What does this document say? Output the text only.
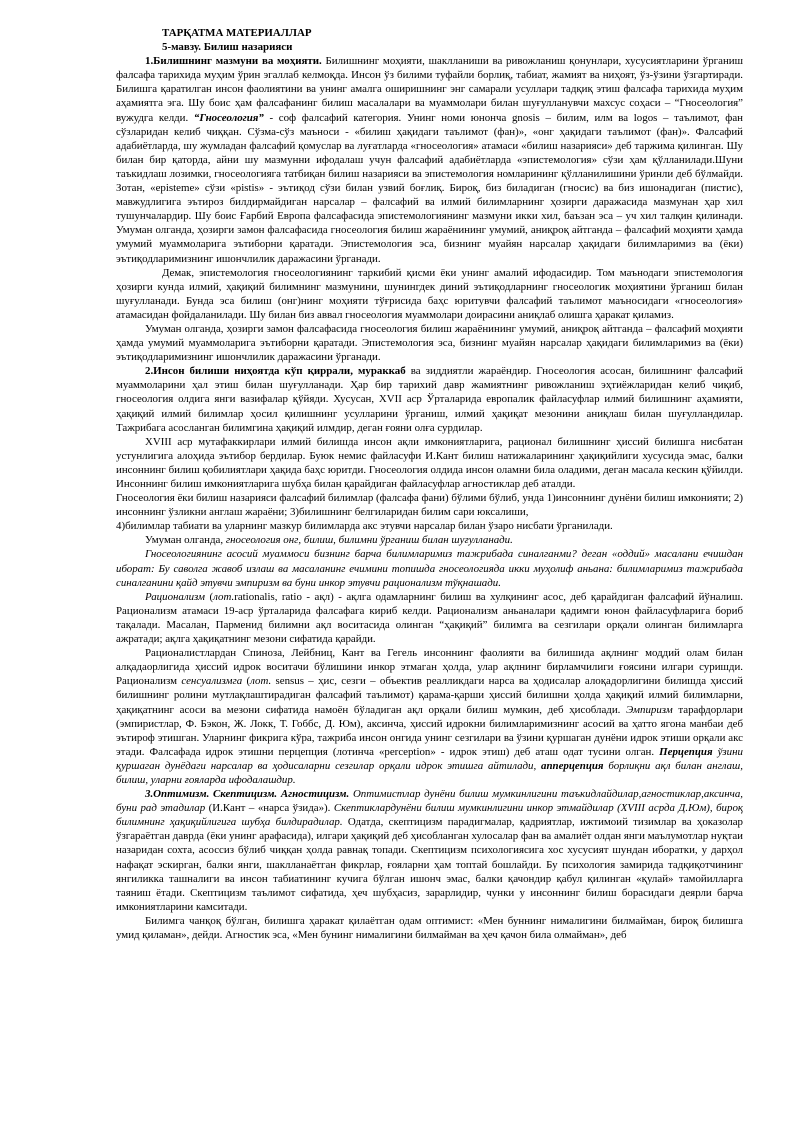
ТАРҚАТМА МАТЕРИАЛЛАР
5-мавзу. Билиш назарияси

1.Билишнинг мазмуни ва моҳияти. Билишнинг моҳияти, шаклланиши ва ривожланиш қонунлари, хусусиятларини ўрганиш фалсафа тарихида муҳим ўрин эгаллаб келмоқда. Инсон ўз билими туфайли борлиқ, табиат, жамият ва ниҳоят, ўз-ўзини ўзгартиради. Билишга қаратилган инсон фаолиятини ва унинг амалга оширишнинг энг самарали усуллари тадқиқ этиш фалсафа тарихида муҳим аҳамиятга эга. Шу боис ҳам фалсафанинг билиш масалалари ва муаммолари билан шуғулланувчи махсус соҳаси – “Гносеология” вужудга келди. “Гносеология” - соф фалсафий категория. Унинг номи юнонча gnosis – билим, илм ва logos – таълимот, фан сўзларидан келиб чиққан. Сўзма-сўз маъноси - «билиш ҳақидаги таълимот (фан)», «онг ҳақидаги таълимот (фан)». Фалсафий адабиётларда, шу жумладан фалсафий қомуслар ва луғатларда «гносеология» атамаси «билиш назарияси» деб таржима қилинган. Шу билан бир қаторда, айни шу мазмунни ифодалаш учун фалсафий адабиётларда «эпистемология» сўзи ҳам қўлланилади.Шуни таъкидлаш лозимки, гносеологияга татбиқан билиш назарияси ва эпистемология номларининг қўлланилишини ўринли деб бўлмайди. Зотан, «episteme» сўзи «pistis» - эътиқод сўзи билан узвий боғлиқ. Бироқ, биз биладиган (гносис) ва биз ишонадиган (пистис), мавжудлигига эътироз билдирмайдиган нарсалар – фалсафий ва илмий билимларнинг ҳозирги даражасида мазмунан ҳар хил тушунчалардир. Шу боис Ғарбий Европа фалсафасида эпистемологиянинг мазмуни икки хил, баъзан эса – уч хил талқин қилинади. Умуман олганда, ҳозирги замон фалсафасида гносеология билиш жараёнининг умумий, аниқроқ айтганда – фалсафий моҳияти ҳамда умумий муаммоларига эътиборни қаратади. Эпистемология эса, бизнинг муайян нарсалар ҳақидаги билимларимиз ва (ёки) эътиқодларимизнинг ишончлилик даражасини ўрганади.

Демак, эпистемология гносеологиянинг таркибий қисми ёки унинг амалий ифодасидир. Том маънодаги эпистемология ҳозирги кунда илмий, ҳақиқий билимнинг мазмунини, шунингдек диний эътиқодларнинг гносеологик моҳиятини ўрганиш билан шуғулланади. Бунда эса билиш (онг)нинг моҳияти тўғрисида баҳс юритувчи фалсафий таълимот маъносидаги «гносеология» атамасидан фойдаланилади. Шу билан биз аввал гносеология муаммолари доирасини аниқлаб олишга ҳаракат қиламиз.

Умуман олганда, ҳозирги замон фалсафасида гносеология билиш жараёнининг умумий, аниқроқ айтганда – фалсафий моҳияти ҳамда умумий муаммоларига эътиборни қаратади. Эпистемология эса, бизнинг муайян нарсалар ҳақидаги билимларимиз ва (ёки) эътиқодларимизнинг ишончлилик даражасини ўрганади.

2.Инсон билиши ниҳоятда кўп қиррали, мураккаб ва зиддиятли жараёндир. Гносеология асосан, билишнинг фалсафий муаммоларини ҳал этиш билан шуғулланади. Ҳар бир тарихий давр жамиятнинг ривожланиш эҳтиёжларидан келиб чиқиб, гносеология олдига янги вазифалар қўйяди. Хусусан, XVII аср Ўрталарида европалик файласуфлар илмий билишнинг аҳамияти, ҳақиқий илмий билимлар ҳосил қилишнинг усулларини ўрганиш, илмий ҳақиқат мезонини аниқлаш билан шуғулландилар. Тажрибага асосланган билимгина ҳақиқий илмдир, деган ғояни олға сурдилар.

XVIII аср мутафаккирлари илмий билишда инсон ақли имкониятларига, рационал билишнинг ҳиссий билишга нисбатан устунлигига алоҳида эътибор бердилар. Буюк немис файласуфи И.Кант билиш натижаларининг ҳақиқийлиги хусусида эмас, балки инсоннинг билиш қобилиятлари ҳақида баҳс юритди. Гносеология олдида инсон оламни била оладими, деган масала кескин қўйилди. Инсоннинг билиш имкониятларига шубҳа билан қарайдиган файласуфлар агностиклар деб аталди.

Гносеология ёки билиш назарияси фалсафий билимлар (фалсафа фани) бўлими бўлиб, унда 1)инсоннинг дунёни билиш имконияти; 2) инсоннинг ўзликни англаш жараёни; 3)билишнинг белгиларидан билим сари юксалиши,

4)билимлар табиати ва уларнинг мазкур билимларда акс этувчи нарсалар билан ўзаро нисбати ўрганилади.

Умуман олганда, гносеология онг, билиш, билимни ўрганиш билан шуғулланади.

Гносеологиянинг асосий муаммоси бизнинг барча билимларимиз тажрибада синалганми? деган «оддий» масалани ечишдан иборат: Бу саволга жавоб излаш ва масаланинг ечимини топишда гносеологияда икки муҳолиф аньана: билимларимиз тажрибада синалганини қайд этувчи эмпиризм ва буни инкор этувчи рационализм тўқнашади.

Рационализм (лот.rationalis, ratio - ақл) - ақлга одамларнинг билиш ва хулқининг асос, деб қарайдиган фалсафий йўналиш. Рационализм атамаси 19-аср ўрталарида фалсафага кириб келди. Рационализм аньаналари қадимги юнон файласуфларига бориб тақалади. Масалан, Парменид билимни ақл воситасида олинган “ҳақиқий” билимга ва сезгилари орқали олинган билимларга ажратади; ақлга ҳақиқатнинг мезони сифатида қарайди.

Рационалистлардан Спиноза, Лейбниц, Кант ва Гегель инсоннинг фаолияти ва билишида ақлнинг моддий олам билан алқадаорлигида ҳиссий идрок воситачи бўлишини инкор этмаган ҳолда, улар ақлнинг бирламчилиги ғоясини илгари суришди. Рационализм сенсуализмга (лот. sensus – ҳис, сезги – объектив реалликдаги нарса ва ҳодисалар алоқадорлигини билишда ҳиссий билишнинг ролини мутлақлаштирадиган фалсафий таълимот) қарама-қарши ҳиссий билишни ҳолда ҳақиқий илмий билимларни, ҳақиқатнинг асоси ва мезони сифатида намоён бўладиган ақл орқали билиш мумкин, деб ҳисоблади. Эмпиризм тарафдорлари (эмпиристлар, Ф. Бэкон, Ж. Локк, Т. Гоббс, Д. Юм), аксинча, ҳиссий идрокни билимларимизнинг асосий ва ҳатто ягона манбаи деб эътироф этишган. Уларнинг фикрига кўра, тажриба инсон онгида унинг сезгилари ва ўзини қуршаган дунёни идрок этиши орқали акс этади. Фалсафада идрок этишни перцепция (лотинча «perception» - идрок этиш) деб аташ одат тусини олган. Перцепция ўзини қуршаган дунёдаги нарсалар ва ҳодисаларни сезгилар орқали идрок этишга айтилади, апперцепция борлиқни ақл билан англаш, билиш, уларни ғояларда ифодалашдир.

3.Оптимизм. Скептицизм. Агностицизм. Оптимистлар дунёни билиш мумкинлигини таъкидлайдилар,агностиклар,аксинча, буни рад этадилар (И.Кант – «нарса ўзида»). Скептиклардунёни билиш мумкинлигини инкор этмайдилар (XVIII асрда Д.Юм), бироқ билимнинг ҳақиқийлигига шубҳа билдирадилар. Одатда, скептицизм парадигмалар, қадриятлар, ижтимоий тизимлар ва ҳоказолар ўзгараётган даврда (ёки унинг арафасида), илгари ҳақиқий деб ҳисобланган хулосалар фан ва амалиёт олдан янги маълумотлар нуқтаи назаридан сохта, асоссиз бўлиб чиққан ҳолда равнақ топади. Скептицизм психологиясига хос хусусият шундан иборатки, у дарҳол нафақат эскирган, балки янги, шаклланаётган фикрлар, ғояларни ҳам топтай бошлайди. Бу психология замирида тадқиқотчининг янгиликка ташналиги ва инсон табиатининг кучига бўлган ишонч эмас, балки қачондир қабул қилинган «қулай» тамойилларга таяниш ётади. Скептицизм таълимот сифатида, ҳеч шубҳасиз, зарарлидир, чунки у инсоннинг билиш борасидаги деярли барча имкониятларини камситади.

Билимга чанқоқ бўлган, билишга ҳаракат қилаётган одам оптимист: «Мен буннинг нималигини билмайман, бироқ билишга умид қиламан», дейди. Агностик эса, «Мен бунинг нималигини билмайман ва ҳеч қачон била олмайман», деб
